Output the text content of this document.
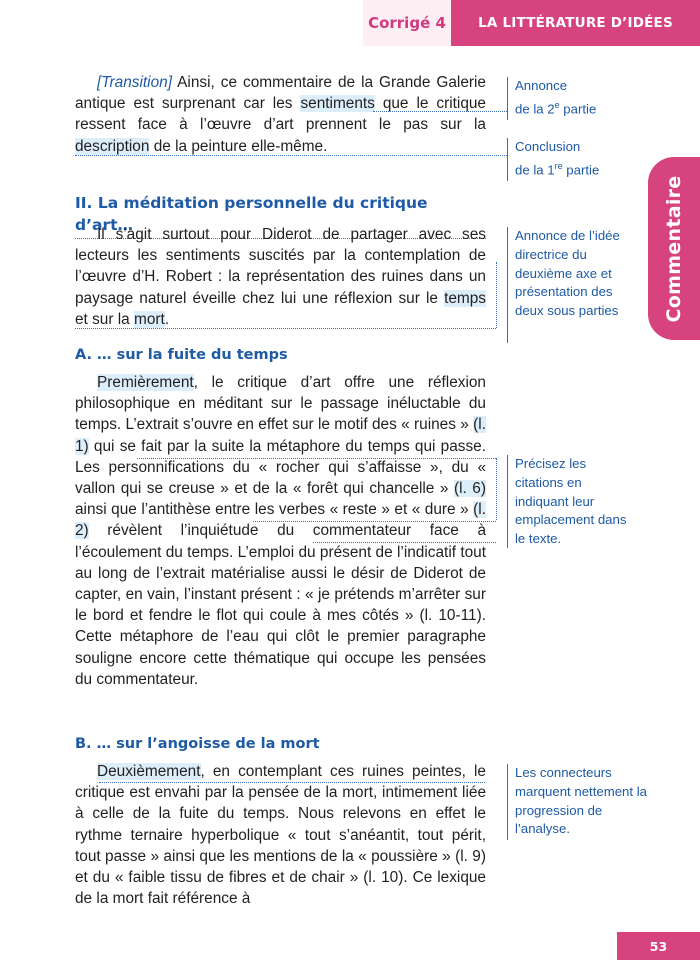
Corrigé 4	LA LITTÉRATURE D’IDÉES
Commentaire

[Transition] Ainsi, ce commentaire de la Grande Galerie antique est surprenant car les sentiments que le critique ressent face à l’œuvre d’art prennent le pas sur la description de la peinture elle-même.

II. La méditation personnelle du critique d’art…

Il s’agit surtout pour Diderot de partager avec ses lecteurs les sentiments suscités par la contemplation de l’œuvre d’H. Robert : la représentation des ruines dans un paysage naturel éveille chez lui une réflexion sur le temps et sur la mort.

A. … sur la fuite du temps

Premièrement, le critique d’art offre une réflexion philosophique en méditant sur le passage inéluctable du temps. L’extrait s’ouvre en effet sur le motif des « ruines » (l. 1) qui se fait par la suite la métaphore du temps qui passe. Les personnifications du « rocher qui s’affaisse », du « vallon qui se creuse » et de la « forêt qui chancelle » (l. 6) ainsi que l’antithèse entre les verbes « reste » et « dure » (l. 2) révèlent l’inquiétude du commentateur face à l’écoulement du temps. L’emploi du présent de l’indicatif tout au long de l’extrait matérialise aussi le désir de Diderot de capter, en vain, l’instant présent : « je prétends m’arrêter sur le bord et fendre le flot qui coule à mes côtés » (l. 10-11). Cette métaphore de l’eau qui clôt le premier paragraphe souligne encore cette thématique qui occupe les pensées du commentateur.

B. … sur l’angoisse de la mort

Deuxièmement, en contemplant ces ruines peintes, le critique est envahi par la pensée de la mort, intimement liée à celle de la fuite du temps. Nous relevons en effet le rythme ternaire hyperbolique « tout s’anéantit, tout périt, tout passe » ainsi que les mentions de la « poussière » (l. 9) et du « faible tissu de fibres et de chair » (l. 10). Ce lexique de la mort fait référence à

Annonce
de la 2e partie
Conclusion
de la 1re partie
Annonce de l’idée directrice du deuxième axe et présentation des deux sous parties
Précisez les citations en indiquant leur emplacement dans le texte.
Les connecteurs marquent nettement la progression de l’analyse.
53
